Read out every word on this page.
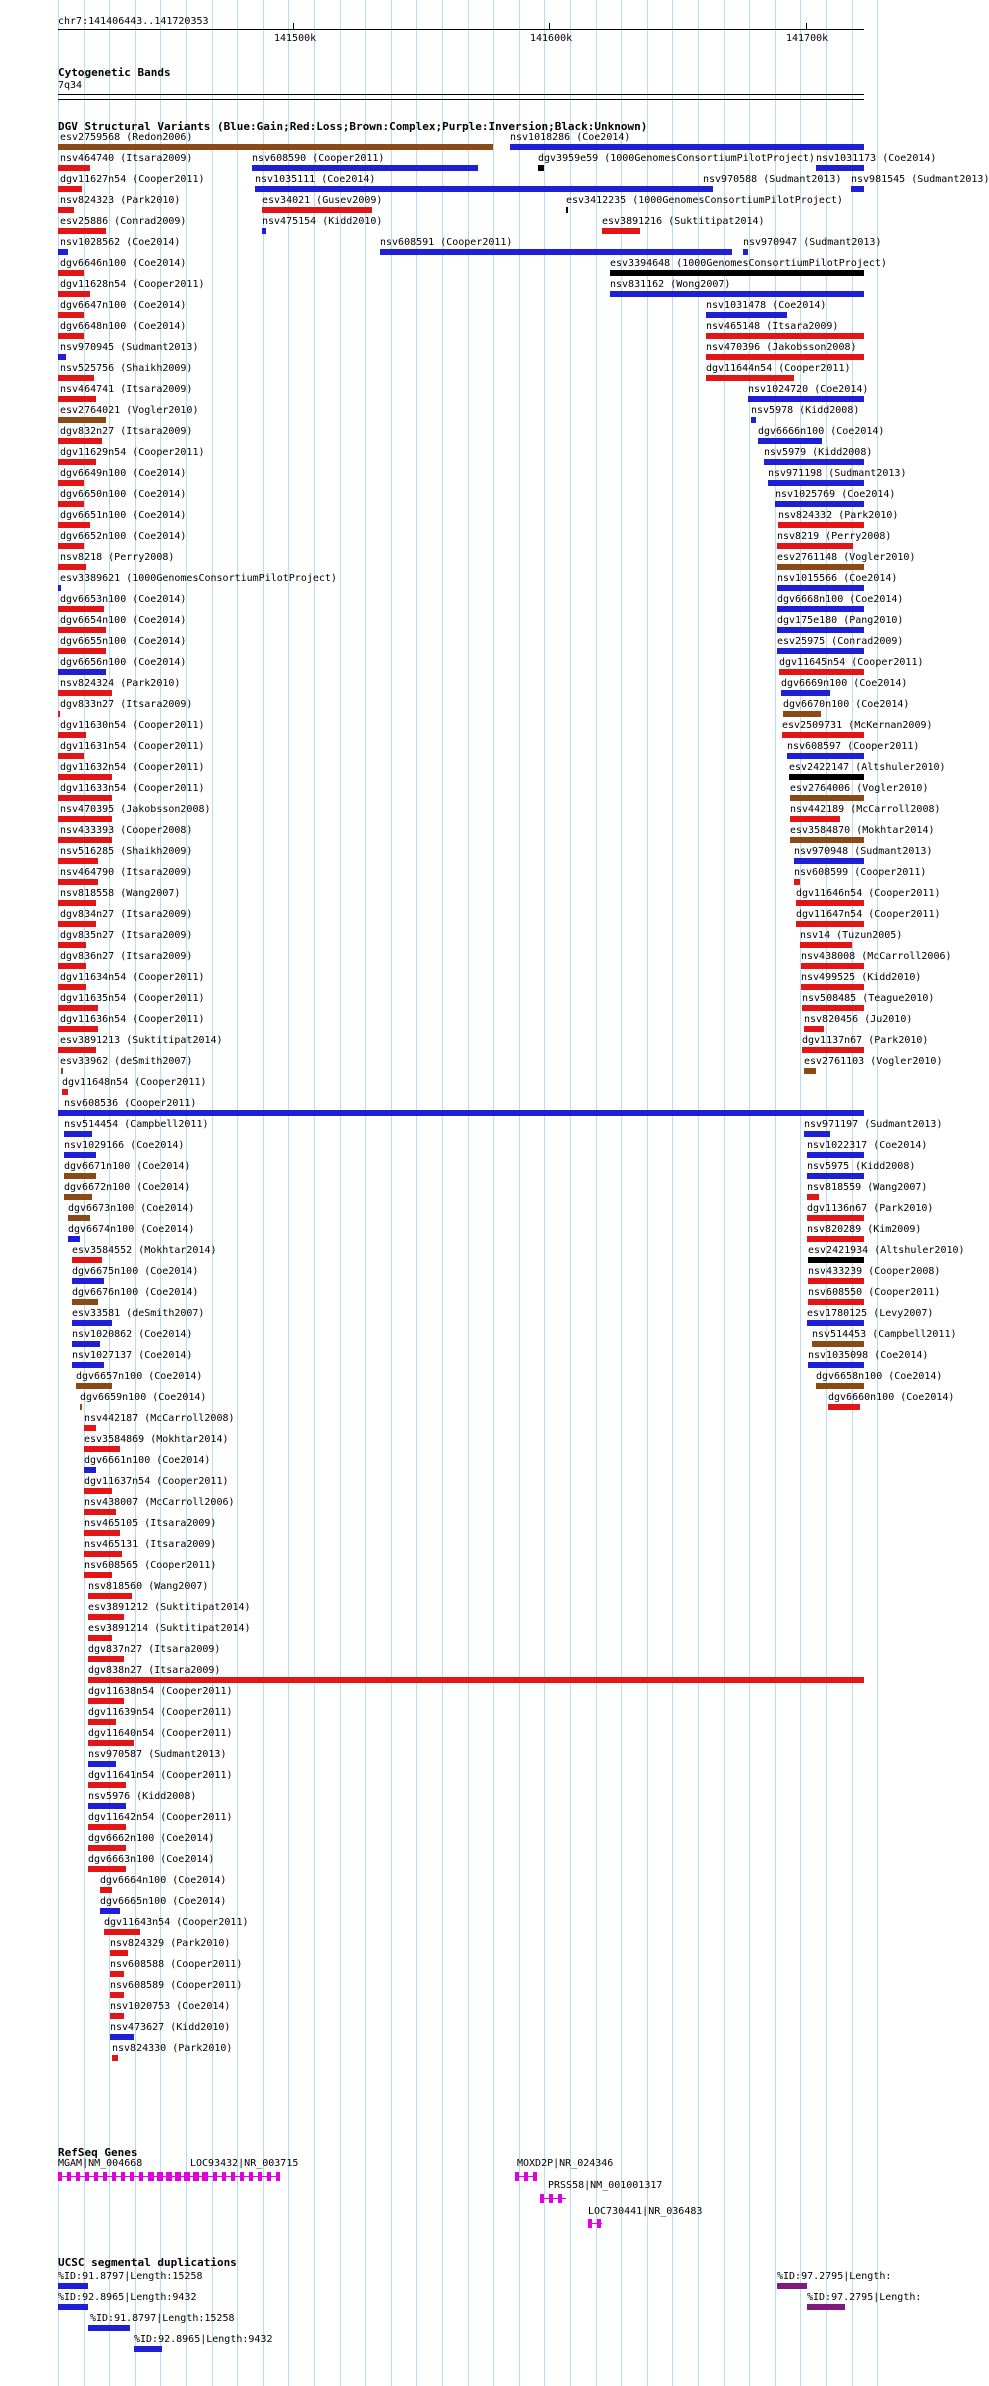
chr7:141406443..141720353
141500k	141600k	141700k
Cytogenetic Bands
7q34
DGV Structural Variants (Blue:Gain;Red:Loss;Brown:Complex;Purple:Inversion;Black:Unknown)
esv2759568 (Redon2006)	nsv1018286 (Coe2014)
nsv464740 (Itsara2009)	nsv608590 (Cooper2011)	dgv3959e59 (1000GenomesConsortiumPilotProject) nsv1031173 (Coe2014)
dgv11627n54 (Cooper2011)	nsv1035111 (Coe2014)	nsv970588 (Sudmant2013) nsv981545 (Sudmant2013)
nsv824323 (Park2010)	esv34021 (Gusev2009)	esv3412235 (1000GenomesConsortiumPilotProject)
esv25886 (Conrad2009)	nsv475154 (Kidd2010)	esv3891216 (Suktitipat2014)
nsv1028562 (Coe2014)	nsv608591 (Cooper2011)	nsv970947 (Sudmant2013)
dgv6646n100 (Coe2014)	esv3394648 (1000GenomesConsortiumPilotProject)
dgv11628n54 (Cooper2011)	nsv831162 (Wong2007)
dgv6647n100 (Coe2014)	nsv1031478 (Coe2014)
dgv6648n100 (Coe2014)	nsv465148 (Itsara2009)
nsv970945 (Sudmant2013)	nsv470396 (Jakobsson2008)
nsv525756 (Shaikh2009)	dgv11644n54 (Cooper2011)
nsv464741 (Itsara2009)	nsv1024720 (Coe2014)
esv2764021 (Vogler2010)	nsv5978 (Kidd2008)
dgv832n27 (Itsara2009)	dgv6666n100 (Coe2014)
dgv11629n54 (Cooper2011)	nsv5979 (Kidd2008)
dgv6649n100 (Coe2014)	nsv971198 (Sudmant2013)
dgv6650n100 (Coe2014)	nsv1025769 (Coe2014)
dgv6651n100 (Coe2014)	nsv824332 (Park2010)
dgv6652n100 (Coe2014)	nsv8219 (Perry2008)
nsv8218 (Perry2008)	esv2761148 (Vogler2010)
esv3389621 (1000GenomesConsortiumPilotProject)	nsv1015566 (Coe2014)
dgv6653n100 (Coe2014)	dgv6668n100 (Coe2014)
dgv6654n100 (Coe2014)	dgv175e180 (Pang2010)
dgv6655n100 (Coe2014)	esv25975 (Conrad2009)
dgv6656n100 (Coe2014)	dgv11645n54 (Cooper2011)
nsv824324 (Park2010)	dgv6669n100 (Coe2014)
dgv833n27 (Itsara2009)	dgv6670n100 (Coe2014)
dgv11630n54 (Cooper2011)	esv2509731 (McKernan2009)
dgv11631n54 (Cooper2011)	nsv608597 (Cooper2011)
dgv11632n54 (Cooper2011)	esv2422147 (Altshuler2010)
dgv11633n54 (Cooper2011)	esv2764006 (Vogler2010)
nsv470395 (Jakobsson2008)	nsv442189 (McCarroll2008)
nsv433393 (Cooper2008)	esv3584870 (Mokhtar2014)
nsv516285 (Shaikh2009)	nsv970948 (Sudmant2013)
nsv464790 (Itsara2009)	nsv608599 (Cooper2011)
nsv818558 (Wang2007)	dgv11646n54 (Cooper2011)
dgv834n27 (Itsara2009)	dgv11647n54 (Cooper2011)
dgv835n27 (Itsara2009)	nsv14 (Tuzun2005)
dgv836n27 (Itsara2009)	nsv438008 (McCarroll2006)
dgv11634n54 (Cooper2011)	nsv499525 (Kidd2010)
dgv11635n54 (Cooper2011)	nsv508485 (Teague2010)
dgv11636n54 (Cooper2011)	nsv820456 (Ju2010)
esv3891213 (Suktitipat2014)	dgv1137n67 (Park2010)
esv33962 (deSmith2007)	esv2761103 (Vogler2010)
dgv11648n54 (Cooper2011)
nsv608536 (Cooper2011)
nsv514454 (Campbell2011)	nsv971197 (Sudmant2013)
nsv1029166 (Coe2014)	nsv1022317 (Coe2014)
dgv6671n100 (Coe2014)	nsv5975 (Kidd2008)
dgv6672n100 (Coe2014)	nsv818559 (Wang2007)
dgv6673n100 (Coe2014)	dgv1136n67 (Park2010)
dgv6674n100 (Coe2014)	nsv820289 (Kim2009)
esv3584552 (Mokhtar2014)	esv2421934 (Altshuler2010)
dgv6675n100 (Coe2014)	nsv433239 (Cooper2008)
dgv6676n100 (Coe2014)	nsv608550 (Cooper2011)
esv33581 (deSmith2007)	esv1780125 (Levy2007)
nsv1020862 (Coe2014)	nsv514453 (Campbell2011)
nsv1027137 (Coe2014)	nsv1035098 (Coe2014)
dgv6657n100 (Coe2014)	dgv6658n100 (Coe2014)
dgv6659n100 (Coe2014)	dgv6660n100 (Coe2014)
nsv442187 (McCarroll2008)
esv3584869 (Mokhtar2014)
dgv6661n100 (Coe2014)
dgv11637n54 (Cooper2011)
nsv438007 (McCarroll2006)
nsv465105 (Itsara2009)
nsv465131 (Itsara2009)
nsv608565 (Cooper2011)
nsv818560 (Wang2007)
esv3891212 (Suktitipat2014)
esv3891214 (Suktitipat2014)
dgv837n27 (Itsara2009)
dgv838n27 (Itsara2009)
dgv11638n54 (Cooper2011)
dgv11639n54 (Cooper2011)
dgv11640n54 (Cooper2011)
nsv970587 (Sudmant2013)
dgv11641n54 (Cooper2011)
nsv5976 (Kidd2008)
dgv11642n54 (Cooper2011)
dgv6662n100 (Coe2014)
dgv6663n100 (Coe2014)
dgv6664n100 (Coe2014)
dgv6665n100 (Coe2014)
dgv11643n54 (Cooper2011)
nsv824329 (Park2010)
nsv608588 (Cooper2011)
nsv608589 (Cooper2011)
nsv1020753 (Coe2014)
nsv473627 (Kidd2010)
nsv824330 (Park2010)
RefSeq Genes
MGAM|NM_004668	LOC93432|NR_003715	MOXD2P|NR_024346
PRSS58|NM_001001317
LOC730441|NR_036483
UCSC segmental duplications
%ID:91.8797|Length:15258
%ID:92.8965|Length:9432
%ID:91.8797|Length:15258
%ID:92.8965|Length:9432
%ID:97.2795|Length:
%ID:97.2795|Length:
